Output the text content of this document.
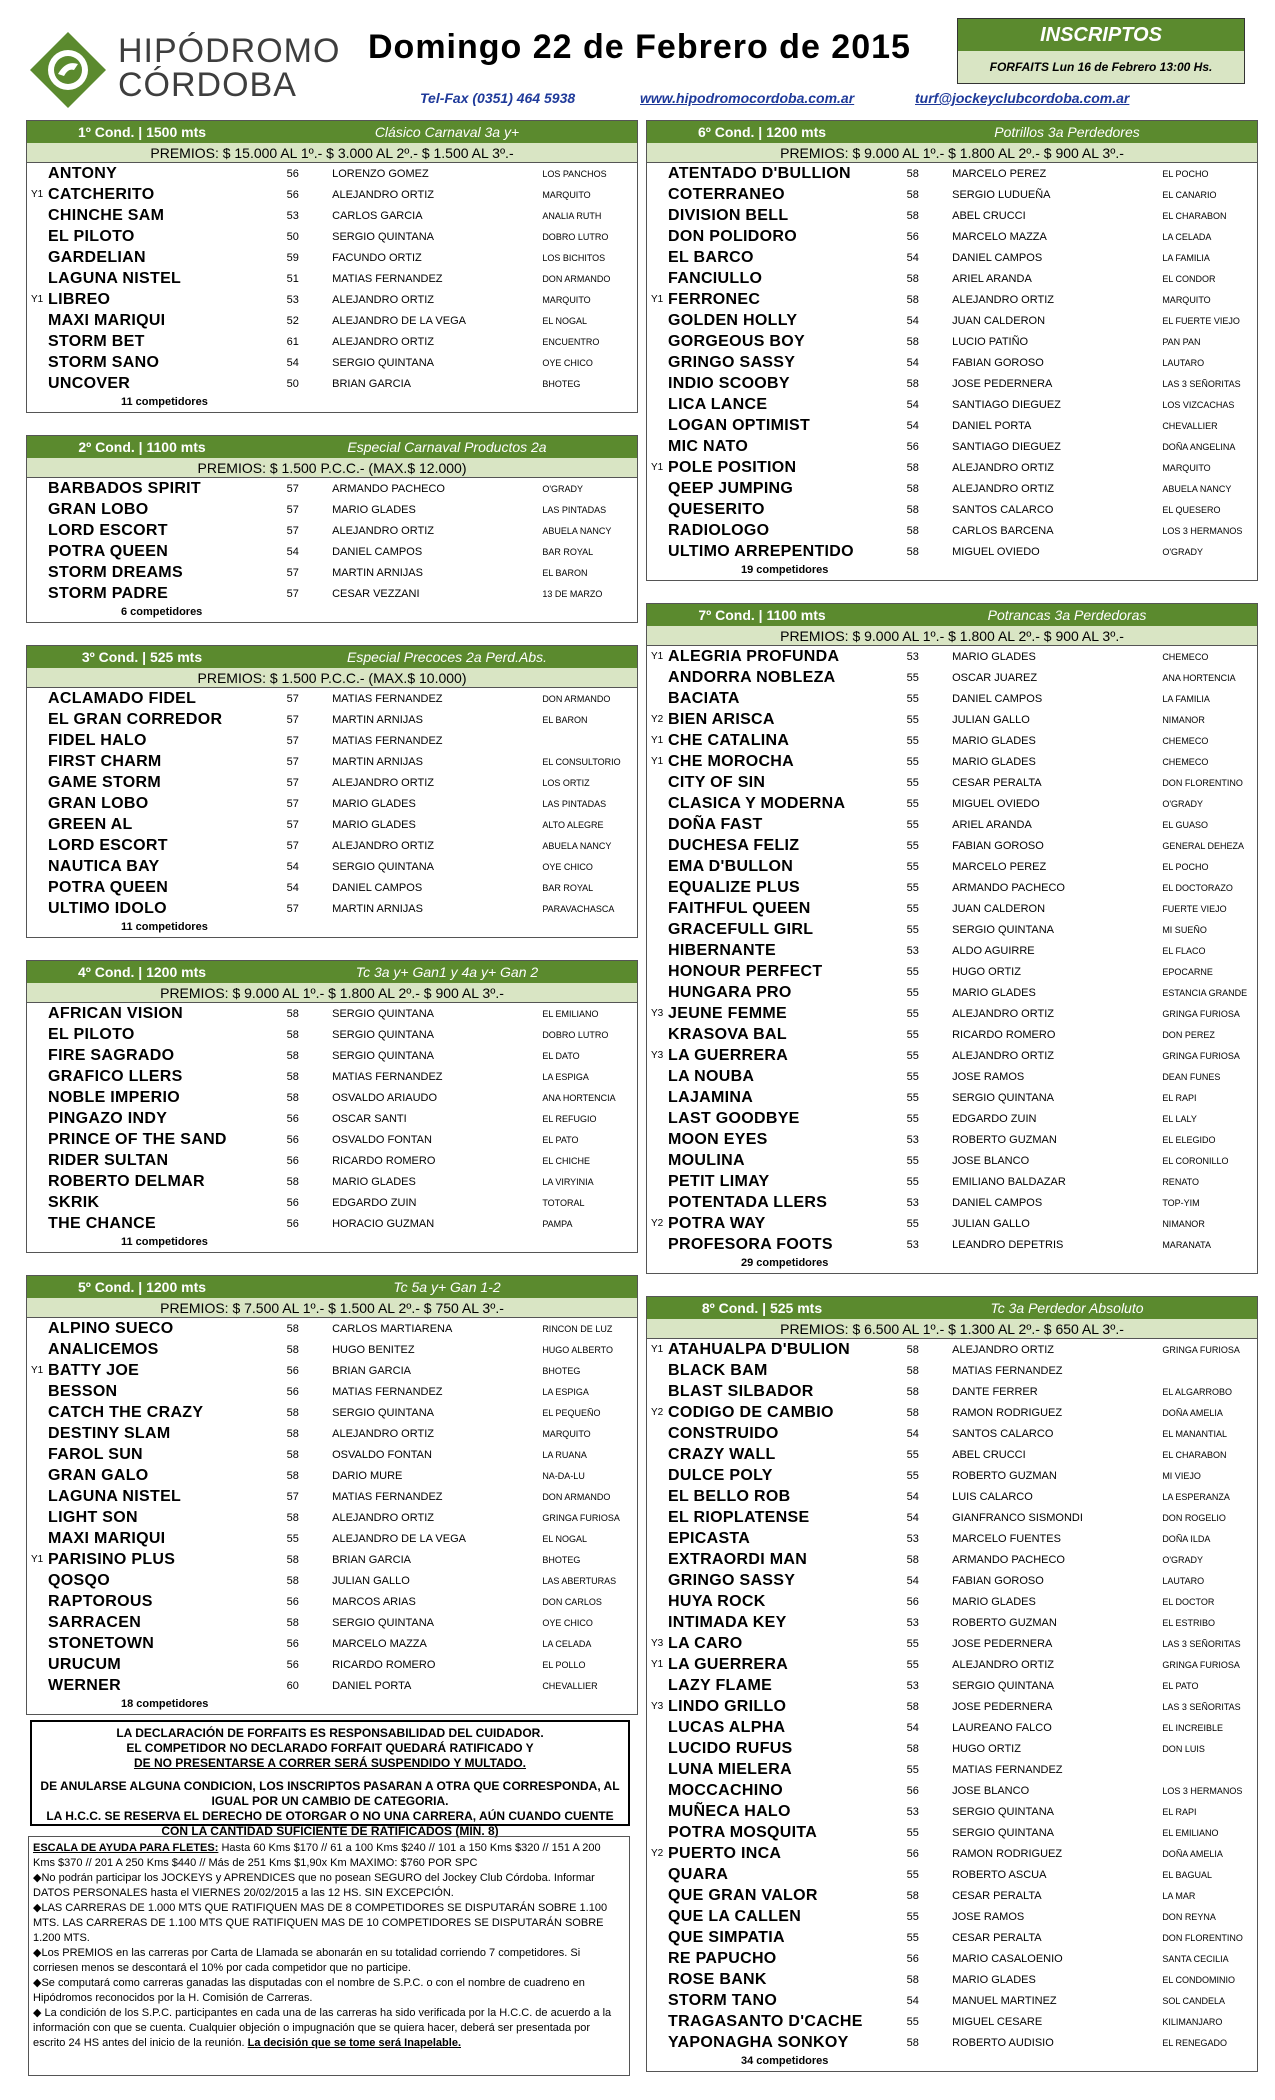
HIPÓDROMO
CÓRDOBA
Domingo 22 de Febrero de 2015
Tel-Fax (0351) 464 5938	www.hipodromocordoba.com.ar	turf@jockeyclubcordoba.com.ar
INSCRIPTOS
FORFAITS Lun 16 de Febrero 13:00 Hs.
1º Cond. | 1500 mts	Clásico Carnaval 3a y+
PREMIOS: $ 15.000 AL 1º.- $ 3.000 AL 2º.- $ 1.500 AL 3º.-
ANTONY	56	LORENZO GOMEZ	LOS PANCHOS
Y1 CATCHERITO	56	ALEJANDRO ORTIZ	MARQUITO
CHINCHE SAM	53	CARLOS GARCIA	ANALIA RUTH
EL PILOTO	50	SERGIO QUINTANA	DOBRO LUTRO
GARDELIAN	59	FACUNDO ORTIZ	LOS BICHITOS
LAGUNA NISTEL	51	MATIAS FERNANDEZ	DON ARMANDO
Y1 LIBREO	53	ALEJANDRO ORTIZ	MARQUITO
MAXI MARIQUI	52	ALEJANDRO DE LA VEGA	EL NOGAL
STORM BET	61	ALEJANDRO ORTIZ	ENCUENTRO
STORM SANO	54	SERGIO QUINTANA	OYE CHICO
UNCOVER	50	BRIAN GARCIA	BHOTEG
11 competidores
2º Cond. | 1100 mts	Especial Carnaval Productos 2a
PREMIOS: $ 1.500 P.C.C.- (MAX.$ 12.000)
BARBADOS SPIRIT	57	ARMANDO PACHECO	O'GRADY
GRAN LOBO	57	MARIO GLADES	LAS PINTADAS
LORD ESCORT	57	ALEJANDRO ORTIZ	ABUELA NANCY
POTRA QUEEN	54	DANIEL CAMPOS	BAR ROYAL
STORM DREAMS	57	MARTIN ARNIJAS	EL BARON
STORM PADRE	57	CESAR VEZZANI	13 DE MARZO
6 competidores
3º Cond. | 525 mts	Especial Precoces 2a Perd.Abs.
PREMIOS: $ 1.500 P.C.C.- (MAX.$ 10.000)
ACLAMADO FIDEL	57	MATIAS FERNANDEZ	DON ARMANDO
EL GRAN CORREDOR	57	MARTIN ARNIJAS	EL BARON
FIDEL HALO	57	MATIAS FERNANDEZ
FIRST CHARM	57	MARTIN ARNIJAS	EL CONSULTORIO
GAME STORM	57	ALEJANDRO ORTIZ	LOS ORTIZ
GRAN LOBO	57	MARIO GLADES	LAS PINTADAS
GREEN AL	57	MARIO GLADES	ALTO ALEGRE
LORD ESCORT	57	ALEJANDRO ORTIZ	ABUELA NANCY
NAUTICA BAY	54	SERGIO QUINTANA	OYE CHICO
POTRA QUEEN	54	DANIEL CAMPOS	BAR ROYAL
ULTIMO IDOLO	57	MARTIN ARNIJAS	PARAVACHASCA
11 competidores
4º Cond. | 1200 mts	Tc 3a y+ Gan1 y 4a y+ Gan 2
PREMIOS: $ 9.000 AL 1º.- $ 1.800 AL 2º.- $ 900 AL 3º.-
AFRICAN VISION	58	SERGIO QUINTANA	EL EMILIANO
EL PILOTO	58	SERGIO QUINTANA	DOBRO LUTRO
FIRE SAGRADO	58	SERGIO QUINTANA	EL DATO
GRAFICO LLERS	58	MATIAS FERNANDEZ	LA ESPIGA
NOBLE IMPERIO	58	OSVALDO ARIAUDO	ANA HORTENCIA
PINGAZO INDY	56	OSCAR SANTI	EL REFUGIO
PRINCE OF THE SAND	56	OSVALDO FONTAN	EL PATO
RIDER SULTAN	56	RICARDO ROMERO	EL CHICHE
ROBERTO DELMAR	58	MARIO GLADES	LA VIRYINIA
SKRIK	56	EDGARDO ZUIN	TOTORAL
THE CHANCE	56	HORACIO GUZMAN	PAMPA
11 competidores
5º Cond. | 1200 mts	Tc 5a y+ Gan 1-2
PREMIOS: $ 7.500 AL 1º.- $ 1.500 AL 2º.- $ 750 AL 3º.-
ALPINO SUECO	58	CARLOS MARTIARENA	RINCON DE LUZ
ANALICEMOS	58	HUGO BENITEZ	HUGO ALBERTO
Y1 BATTY JOE	56	BRIAN GARCIA	BHOTEG
BESSON	56	MATIAS FERNANDEZ	LA ESPIGA
CATCH THE CRAZY	58	SERGIO QUINTANA	EL PEQUEÑO
DESTINY SLAM	58	ALEJANDRO ORTIZ	MARQUITO
FAROL SUN	58	OSVALDO FONTAN	LA RUANA
GRAN GALO	58	DARIO MURE	NA-DA-LU
LAGUNA NISTEL	57	MATIAS FERNANDEZ	DON ARMANDO
LIGHT SON	58	ALEJANDRO ORTIZ	GRINGA FURIOSA
MAXI MARIQUI	55	ALEJANDRO DE LA VEGA	EL NOGAL
Y1 PARISINO PLUS	58	BRIAN GARCIA	BHOTEG
QOSQO	58	JULIAN GALLO	LAS ABERTURAS
RAPTOROUS	56	MARCOS ARIAS	DON CARLOS
SARRACEN	58	SERGIO QUINTANA	OYE CHICO
STONETOWN	56	MARCELO MAZZA	LA CELADA
URUCUM	56	RICARDO ROMERO	EL POLLO
WERNER	60	DANIEL PORTA	CHEVALLIER
18 competidores
6º Cond. | 1200 mts	Potrillos 3a Perdedores
PREMIOS: $ 9.000 AL 1º.- $ 1.800 AL 2º.- $ 900 AL 3º.-
ATENTADO D'BULLION	58	MARCELO PEREZ	EL POCHO
COTERRANEO	58	SERGIO LUDUEÑA	EL CANARIO
DIVISION BELL	58	ABEL CRUCCI	EL CHARABON
DON POLIDORO	56	MARCELO MAZZA	LA CELADA
EL BARCO	54	DANIEL CAMPOS	LA FAMILIA
FANCIULLO	58	ARIEL ARANDA	EL CONDOR
Y1 FERRONEC	58	ALEJANDRO ORTIZ	MARQUITO
GOLDEN HOLLY	54	JUAN CALDERON	EL FUERTE VIEJO
GORGEOUS BOY	58	LUCIO PATIÑO	PAN PAN
GRINGO SASSY	54	FABIAN GOROSO	LAUTARO
INDIO SCOOBY	58	JOSE PEDERNERA	LAS 3 SEÑORITAS
LICA LANCE	54	SANTIAGO DIEGUEZ	LOS VIZCACHAS
LOGAN OPTIMIST	54	DANIEL PORTA	CHEVALLIER
MIC NATO	56	SANTIAGO DIEGUEZ	DOÑA ANGELINA
Y1 POLE POSITION	58	ALEJANDRO ORTIZ	MARQUITO
QEEP JUMPING	58	ALEJANDRO ORTIZ	ABUELA NANCY
QUESERITO	58	SANTOS CALARCO	EL QUESERO
RADIOLOGO	58	CARLOS BARCENA	LOS 3 HERMANOS
ULTIMO ARREPENTIDO	58	MIGUEL OVIEDO	O'GRADY
19 competidores
7º Cond. | 1100 mts	Potrancas 3a Perdedoras
PREMIOS: $ 9.000 AL 1º.- $ 1.800 AL 2º.- $ 900 AL 3º.-
Y1 ALEGRIA PROFUNDA	53	MARIO GLADES	CHEMECO
ANDORRA NOBLEZA	55	OSCAR JUAREZ	ANA HORTENCIA
BACIATA	55	DANIEL CAMPOS	LA FAMILIA
Y2 BIEN ARISCA	55	JULIAN GALLO	NIMANOR
Y1 CHE CATALINA	55	MARIO GLADES	CHEMECO
Y1 CHE MOROCHA	55	MARIO GLADES	CHEMECO
CITY OF SIN	55	CESAR PERALTA	DON FLORENTINO
CLASICA Y MODERNA	55	MIGUEL OVIEDO	O'GRADY
DOÑA FAST	55	ARIEL ARANDA	EL GUASO
DUCHESA FELIZ	55	FABIAN GOROSO	GENERAL DEHEZA
EMA D'BULLON	55	MARCELO PEREZ	EL POCHO
EQUALIZE PLUS	55	ARMANDO PACHECO	EL DOCTORAZO
FAITHFUL QUEEN	55	JUAN CALDERON	FUERTE VIEJO
GRACEFULL GIRL	55	SERGIO QUINTANA	MI SUEÑO
HIBERNANTE	53	ALDO AGUIRRE	EL FLACO
HONOUR PERFECT	55	HUGO ORTIZ	EPOCARNE
HUNGARA PRO	55	MARIO GLADES	ESTANCIA GRANDE
Y3 JEUNE FEMME	55	ALEJANDRO ORTIZ	GRINGA FURIOSA
KRASOVA BAL	55	RICARDO ROMERO	DON PEREZ
Y3 LA GUERRERA	55	ALEJANDRO ORTIZ	GRINGA FURIOSA
LA NOUBA	55	JOSE RAMOS	DEAN FUNES
LAJAMINA	55	SERGIO QUINTANA	EL RAPI
LAST GOODBYE	55	EDGARDO ZUIN	EL LALY
MOON EYES	53	ROBERTO GUZMAN	EL ELEGIDO
MOULINA	55	JOSE BLANCO	EL CORONILLO
PETIT LIMAY	55	EMILIANO BALDAZAR	RENATO
POTENTADA LLERS	53	DANIEL CAMPOS	TOP-YIM
Y2 POTRA WAY	55	JULIAN GALLO	NIMANOR
PROFESORA FOOTS	53	LEANDRO DEPETRIS	MARANATA
29 competidores
8º Cond. | 525 mts	Tc 3a Perdedor Absoluto
PREMIOS: $ 6.500 AL 1º.- $ 1.300 AL 2º.- $ 650 AL 3º.-
Y1 ATAHUALPA D'BULION	58	ALEJANDRO ORTIZ	GRINGA FURIOSA
BLACK BAM	58	MATIAS FERNANDEZ
BLAST SILBADOR	58	DANTE FERRER	EL ALGARROBO
Y2 CODIGO DE CAMBIO	58	RAMON RODRIGUEZ	DOÑA AMELIA
CONSTRUIDO	54	SANTOS CALARCO	EL MANANTIAL
CRAZY WALL	55	ABEL CRUCCI	EL CHARABON
DULCE POLY	55	ROBERTO GUZMAN	MI VIEJO
EL BELLO ROB	54	LUIS CALARCO	LA ESPERANZA
EL RIOPLATENSE	54	GIANFRANCO SISMONDI	DON ROGELIO
EPICASTA	53	MARCELO FUENTES	DOÑA ILDA
EXTRAORDI MAN	58	ARMANDO PACHECO	O'GRADY
GRINGO SASSY	54	FABIAN GOROSO	LAUTARO
HUYA ROCK	56	MARIO GLADES	EL DOCTOR
INTIMADA KEY	53	ROBERTO GUZMAN	EL ESTRIBO
Y3 LA CARO	55	JOSE PEDERNERA	LAS 3 SEÑORITAS
Y1 LA GUERRERA	55	ALEJANDRO ORTIZ	GRINGA FURIOSA
LAZY FLAME	53	SERGIO QUINTANA	EL PATO
Y3 LINDO GRILLO	58	JOSE PEDERNERA	LAS 3 SEÑORITAS
LUCAS ALPHA	54	LAUREANO FALCO	EL INCREIBLE
LUCIDO RUFUS	58	HUGO ORTIZ	DON LUIS
LUNA MIELERA	55	MATIAS FERNANDEZ
MOCCACHINO	56	JOSE BLANCO	LOS 3 HERMANOS
MUÑECA HALO	53	SERGIO QUINTANA	EL RAPI
POTRA MOSQUITA	55	SERGIO QUINTANA	EL EMILIANO
Y2 PUERTO INCA	56	RAMON RODRIGUEZ	DOÑA AMELIA
QUARA	55	ROBERTO ASCUA	EL BAGUAL
QUE GRAN VALOR	58	CESAR PERALTA	LA MAR
QUE LA CALLEN	55	JOSE RAMOS	DON REYNA
QUE SIMPATIA	55	CESAR PERALTA	DON FLORENTINO
RE PAPUCHO	56	MARIO CASALOENIO	SANTA CECILIA
ROSE BANK	58	MARIO GLADES	EL CONDOMINIO
STORM TANO	54	MANUEL MARTINEZ	SOL CANDELA
TRAGASANTO D'CACHE	55	MIGUEL CESARE	KILIMANJARO
YAPONAGHA SONKOY	58	ROBERTO AUDISIO	EL RENEGADO
34 competidores
LA DECLARACIÓN DE FORFAITS ES RESPONSABILIDAD DEL CUIDADOR.
EL COMPETIDOR NO DECLARADO FORFAIT QUEDARÁ RATIFICADO Y
DE NO PRESENTARSE A CORRER SERÁ SUSPENDIDO Y MULTADO.
DE ANULARSE ALGUNA CONDICION, LOS INSCRIPTOS PASARAN A OTRA QUE CORRESPONDA, AL IGUAL POR UN CAMBIO DE CATEGORIA.
LA H.C.C. SE RESERVA EL DERECHO DE OTORGAR O NO UNA CARRERA, AÚN CUANDO CUENTE CON LA CANTIDAD SUFICIENTE DE RATIFICADOS (MIN. 8)

ESCALA DE AYUDA PARA FLETES: Hasta 60 Kms $170 // 61 a 100 Kms $240 // 101 a 150 Kms $320 // 151 A 200 Kms $370 // 201 A 250 Kms $440 // Más de 251 Kms $1,90x Km MAXIMO: $760 POR SPC

◆No podrán participar los JOCKEYS y APRENDICES que no posean SEGURO del Jockey Club Córdoba. Informar DATOS PERSONALES hasta el VIERNES 20/02/2015 a las 12 HS. SIN EXCEPCIÓN.

◆LAS CARRERAS DE 1.000 MTS QUE RATIFIQUEN MAS DE 8 COMPETIDORES SE DISPUTARÁN SOBRE 1.100 MTS. LAS CARRERAS DE 1.100 MTS QUE RATIFIQUEN MAS DE 10 COMPETIDORES SE DISPUTARÁN SOBRE 1.200 MTS.

◆Los PREMIOS en las carreras por Carta de Llamada se abonarán en su totalidad corriendo 7 competidores. Si corriesen menos se descontará el 10% por cada competidor que no participe.

◆Se computará como carreras ganadas las disputadas con el nombre de S.P.C. o con el nombre de cuadreno en Hipódromos reconocidos por la H. Comisión de Carreras.

◆ La condición de los S.P.C. participantes en cada una de las carreras ha sido verificada por la H.C.C. de acuerdo a la información con que se cuenta. Cualquier objeción o impugnación que se quiera hacer, deberá ser presentada por escrito 24 HS antes del inicio de la reunión. La decisión que se tome será Inapelable.
